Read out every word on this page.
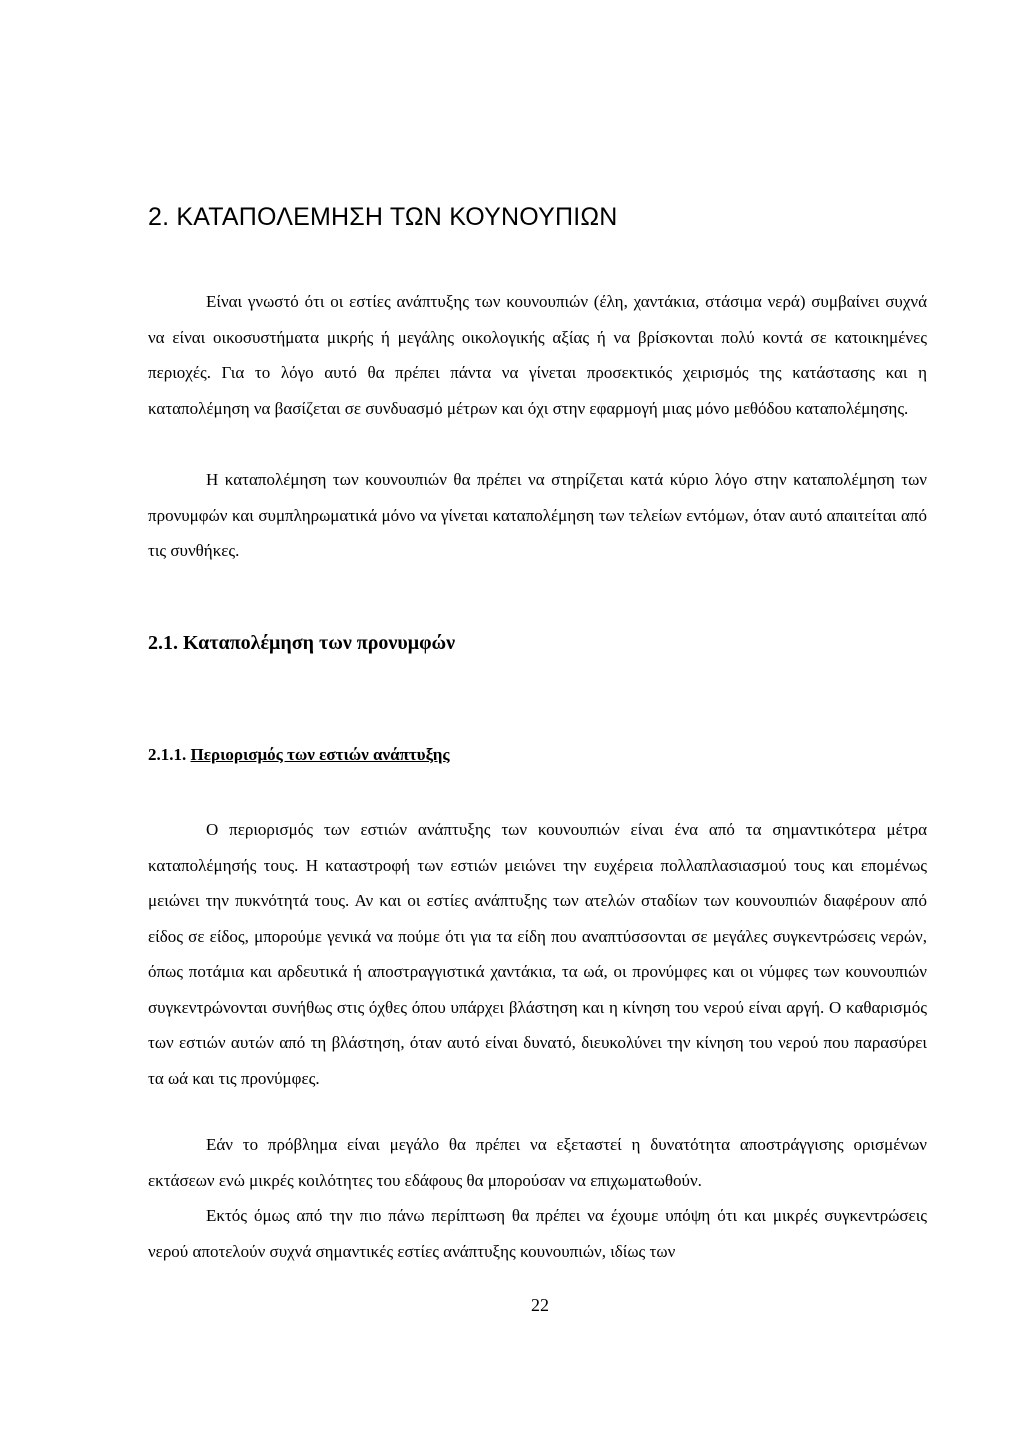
2. ΚΑΤΑΠΟΛΕΜΗΣΗ ΤΩΝ ΚΟΥΝΟΥΠΙΩΝ

Είναι γνωστό ότι οι εστίες ανάπτυξης των κουνουπιών (έλη, χαντάκια, στάσιμα νερά) συμβαίνει συχνά να είναι οικοσυστήματα μικρής ή μεγάλης οικολογικής αξίας ή να βρίσκονται πολύ κοντά σε κατοικημένες περιοχές. Για το λόγο αυτό θα πρέπει πάντα να γίνεται προσεκτικός χειρισμός της κατάστασης και η καταπολέμηση να βασίζεται σε συνδυασμό μέτρων και όχι στην εφαρμογή μιας μόνο μεθόδου καταπολέμησης.

Η καταπολέμηση των κουνουπιών θα πρέπει να στηρίζεται κατά κύριο λόγο στην καταπολέμηση των προνυμφών και συμπληρωματικά μόνο να γίνεται καταπολέμηση των τελείων εντόμων, όταν αυτό απαιτείται από τις συνθήκες.

2.1. Καταπολέμηση των προνυμφών
2.1.1. Περιορισμός των εστιών ανάπτυξης

Ο περιορισμός των εστιών ανάπτυξης των κουνουπιών είναι ένα από τα σημαντικότερα μέτρα καταπολέμησής τους. Η καταστροφή των εστιών μειώνει την ευχέρεια πολλαπλασιασμού τους και επομένως μειώνει την πυκνότητά τους. Αν και οι εστίες ανάπτυξης των ατελών σταδίων των κουνουπιών διαφέρουν από είδος σε είδος, μπορούμε γενικά να πούμε ότι για τα είδη που αναπτύσσονται σε μεγάλες συγκεντρώσεις νερών, όπως ποτάμια και αρδευτικά ή αποστραγγιστικά χαντάκια, τα ωά, οι προνύμφες και οι νύμφες των κουνουπιών συγκεντρώνονται συνήθως στις όχθες όπου υπάρχει βλάστηση και η κίνηση του νερού είναι αργή. Ο καθαρισμός των εστιών αυτών από τη βλάστηση, όταν αυτό είναι δυνατό, διευκολύνει την κίνηση του νερού που παρασύρει τα ωά και τις προνύμφες.

Εάν το πρόβλημα είναι μεγάλο θα πρέπει να εξεταστεί η δυνατότητα αποστράγγισης ορισμένων εκτάσεων ενώ μικρές κοιλότητες του εδάφους θα μπορούσαν να επιχωματωθούν.

Εκτός όμως από την πιο πάνω περίπτωση θα πρέπει να έχουμε υπόψη ότι και μικρές συγκεντρώσεις νερού αποτελούν συχνά σημαντικές εστίες ανάπτυξης κουνουπιών, ιδίως των

22
